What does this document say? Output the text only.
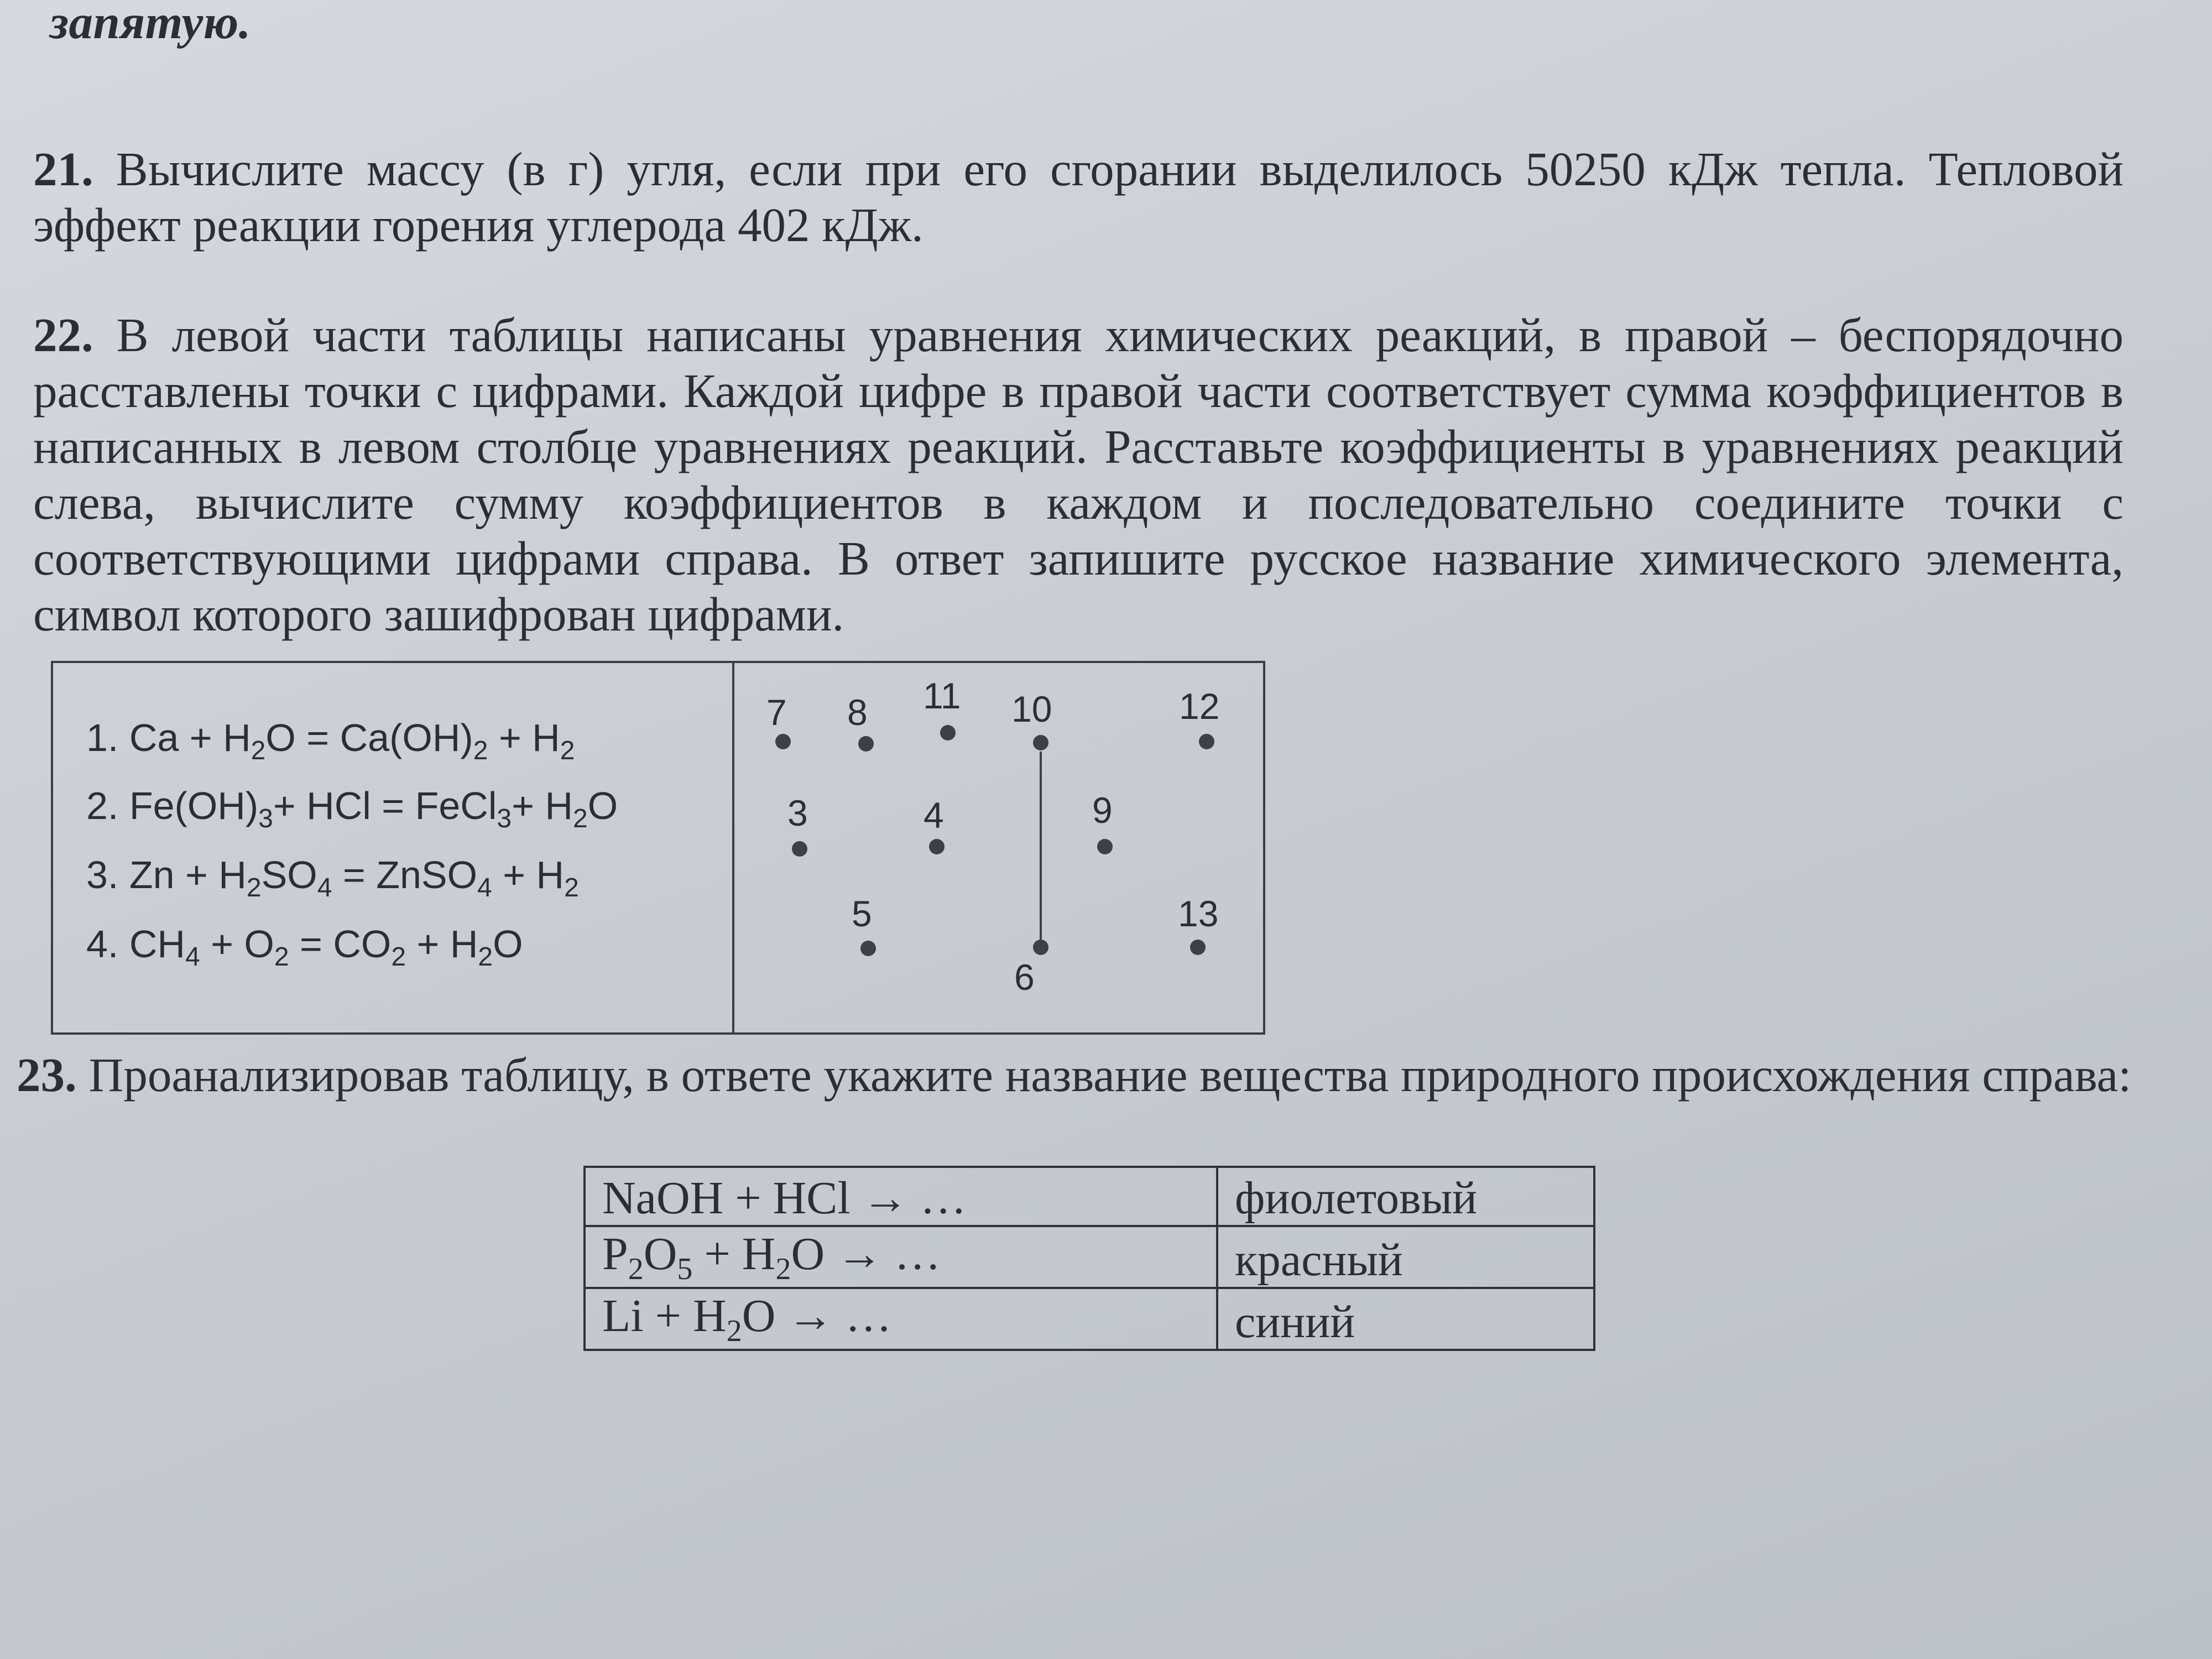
запятую.
21. Вычислите массу (в г) угля, если при его сгорании выделилось 50250 кДж тепла. Тепловой эффект реакции горения углерода 402 кДж.
22. В левой части таблицы написаны уравнения химических реакций, в правой – беспорядочно расставлены точки с цифрами. Каждой цифре в правой части соответствует сумма коэффициентов в написанных в левом столбце уравнениях реакций. Расставьте коэффициенты в уравнениях реакций слева, вычислите сумму коэффициентов в каждом и последовательно соедините точки с соответствующими цифрами справа. В ответ запишите русское название химического элемента, символ которого зашифрован цифрами.
1. $Ca + H_2O = Ca(OH)_2 + H_2$
2. $Fe(OH)_3+$ HCl = FeCl$_3$+ $H_2O$
3. $Zn + H_2SO_4$ = ZnSO$_4$ + $H_2$
4. $CH_4 + O_2 = CO_2 + H_2O$
7 8 11 10	12
3	4	9
5
6
13
23. Проанализировав таблицу, в ответе укажите название вещества природного происхождения справа:
NaOH + HCl → …	фиолетовый
$P_2O_5 + H_2O$ → …	красный
$Li + H_2O$ → …	синий
